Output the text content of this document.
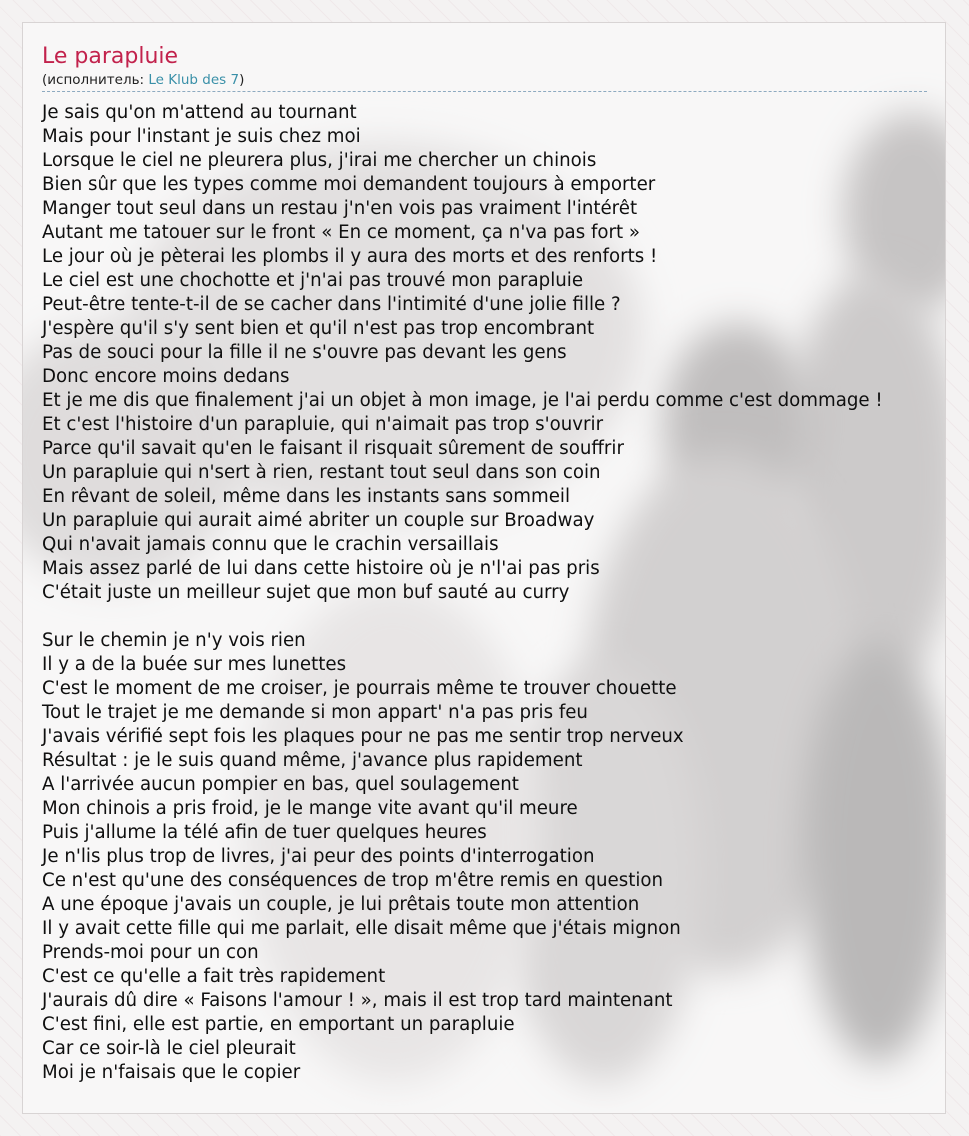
Le parapluie
(исполнитель: Le Klub des 7)
Je sais qu'on m'attend au tournant
Mais pour l'instant je suis chez moi
Lorsque le ciel ne pleurera plus, j'irai me chercher un chinois
Bien sûr que les types comme moi demandent toujours à emporter
Manger tout seul dans un restau j'n'en vois pas vraiment l'intérêt
Autant me tatouer sur le front « En ce moment, ça n'va pas fort »
Le jour où je pèterai les plombs il y aura des morts et des renforts !
Le ciel est une chochotte et j'n'ai pas trouvé mon parapluie
Peut-être tente-t-il de se cacher dans l'intimité d'une jolie fille ?
J'espère qu'il s'y sent bien et qu'il n'est pas trop encombrant
Pas de souci pour la fille il ne s'ouvre pas devant les gens
Donc encore moins dedans
Et je me dis que finalement j'ai un objet à mon image, je l'ai perdu comme c'est dommage !
Et c'est l'histoire d'un parapluie, qui n'aimait pas trop s'ouvrir
Parce qu'il savait qu'en le faisant il risquait sûrement de souffrir
Un parapluie qui n'sert à rien, restant tout seul dans son coin
En rêvant de soleil, même dans les instants sans sommeil
Un parapluie qui aurait aimé abriter un couple sur Broadway
Qui n'avait jamais connu que le crachin versaillais
Mais assez parlé de lui dans cette histoire où je n'l'ai pas pris
C'était juste un meilleur sujet que mon buf sauté au curry
Sur le chemin je n'y vois rien
Il y a de la buée sur mes lunettes
C'est le moment de me croiser, je pourrais même te trouver chouette
Tout le trajet je me demande si mon appart' n'a pas pris feu
J'avais vérifié sept fois les plaques pour ne pas me sentir trop nerveux
Résultat : je le suis quand même, j'avance plus rapidement
A l'arrivée aucun pompier en bas, quel soulagement
Mon chinois a pris froid, je le mange vite avant qu'il meure
Puis j'allume la télé afin de tuer quelques heures
Je n'lis plus trop de livres, j'ai peur des points d'interrogation
Ce n'est qu'une des conséquences de trop m'être remis en question
A une époque j'avais un couple, je lui prêtais toute mon attention
Il y avait cette fille qui me parlait, elle disait même que j'étais mignon
Prends-moi pour un con
C'est ce qu'elle a fait très rapidement
J'aurais dû dire « Faisons l'amour ! », mais il est trop tard maintenant
C'est fini, elle est partie, en emportant un parapluie
Car ce soir-là le ciel pleurait
Moi je n'faisais que le copier
